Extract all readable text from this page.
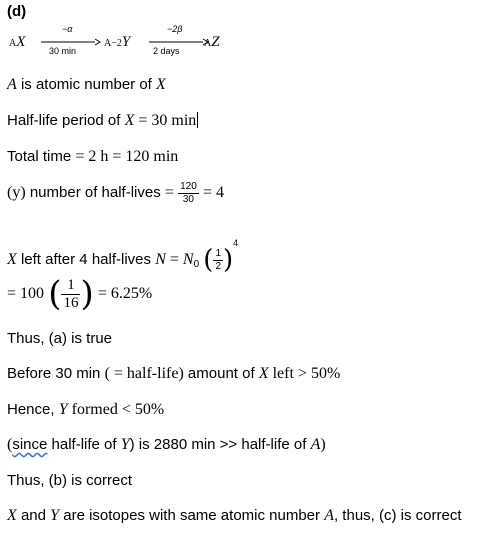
(d)
AX
−α
30 min
A−2Y
−2β
2 days
AZ
A is atomic number of X
Half-life period of X = 30 min
Total time = 2 h = 120 min
(y) number of half-lives = $\frac{120}{30} = 4$
X left after 4 half-lives $N = N_0$ ( $\frac{1}{2} )^4$
= 100 ( $\frac{1}{16}$ ) = 6.25%
Thus, (a) is true
Before 30 min ( = half-life) amount of X left > 50%
Hence, Y formed < 50%
(since half-life of Y) is 2880 min >> half-life of A)
Thus, (b) is correct
X and Y are isotopes with same atomic number A, thus, (c) is correct
